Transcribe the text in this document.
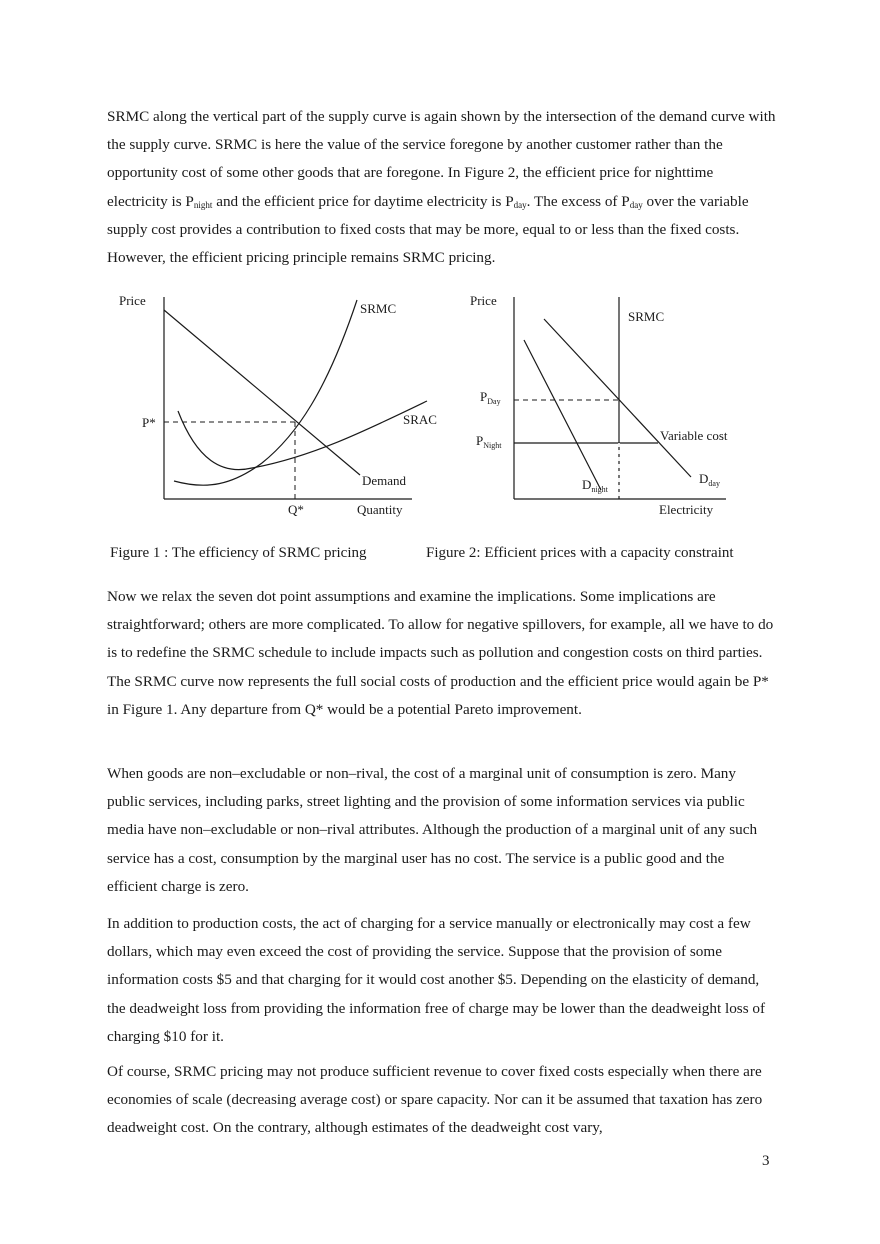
SRMC along the vertical part of the supply curve is again shown by the intersection of the demand curve with the supply curve. SRMC is here the value of the service foregone by another customer rather than the opportunity cost of some other goods that are foregone. In Figure 2, the efficient price for nighttime electricity is $P_{night}$ and the efficient price for daytime electricity is $P_{day}$. The excess of $P_{day}$ over the variable supply cost provides a contribution to fixed costs that may be more, equal to or less than the fixed costs. However, the efficient pricing principle remains SRMC pricing.

Price
Quantity
P*
Q*
SRMC
SRAC
Demand
Price
Electricity
SRMC
Variable cost
$P_{Day}$
$P_{Night}$
$D_{night}$
$D_{day}$

Figure 1 : The efficiency of SRMC pricing	Figure 2: Efficient prices with a capacity constraint

Now we relax the seven dot point assumptions and examine the implications. Some implications are straightforward; others are more complicated. To allow for negative spillovers, for example, all we have to do is to redefine the SRMC schedule to include impacts such as pollution and congestion costs on third parties. The SRMC curve now represents the full social costs of production and the efficient price would again be P* in Figure 1. Any departure from Q* would be a potential Pareto improvement.

When goods are non–excludable or non–rival, the cost of a marginal unit of consumption is zero. Many public services, including parks, street lighting and the provision of some information services via public media have non–excludable or non–rival attributes. Although the production of a marginal unit of any such service has a cost, consumption by the marginal user has no cost. The service is a public good and the efficient charge is zero.

In addition to production costs, the act of charging for a service manually or electronically may cost a few dollars, which may even exceed the cost of providing the service. Suppose that the provision of some information costs $5 and that charging for it would cost another $5. Depending on the elasticity of demand, the deadweight loss from providing the information free of charge may be lower than the deadweight loss of charging $10 for it.

Of course, SRMC pricing may not produce sufficient revenue to cover fixed costs especially when there are economies of scale (decreasing average cost) or spare capacity. Nor can it be assumed that taxation has zero deadweight cost. On the contrary, although estimates of the deadweight cost vary,

3
